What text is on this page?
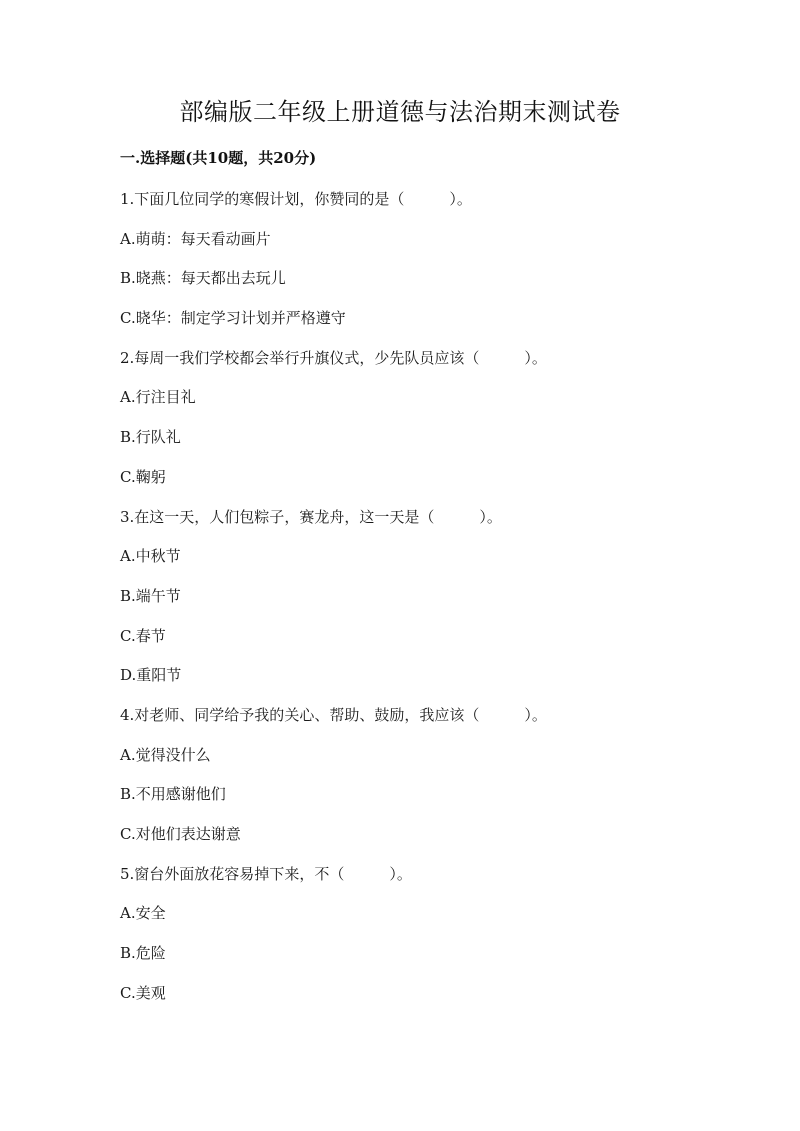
部编版二年级上册道德与法治期末测试卷
一.选择题(共10题，共20分)
1.下面几位同学的寒假计划，你赞同的是（　　　）。
A.萌萌：每天看动画片
B.晓燕：每天都出去玩儿
C.晓华：制定学习计划并严格遵守
2.每周一我们学校都会举行升旗仪式，少先队员应该（　　　）。
A.行注目礼
B.行队礼
C.鞠躬
3.在这一天，人们包粽子，赛龙舟，这一天是（　　　）。
A.中秋节
B.端午节
C.春节
D.重阳节
4.对老师、同学给予我的关心、帮助、鼓励，我应该（　　　）。
A.觉得没什么
B.不用感谢他们
C.对他们表达谢意
5.窗台外面放花容易掉下来，不（　　　）。
A.安全
B.危险
C.美观
